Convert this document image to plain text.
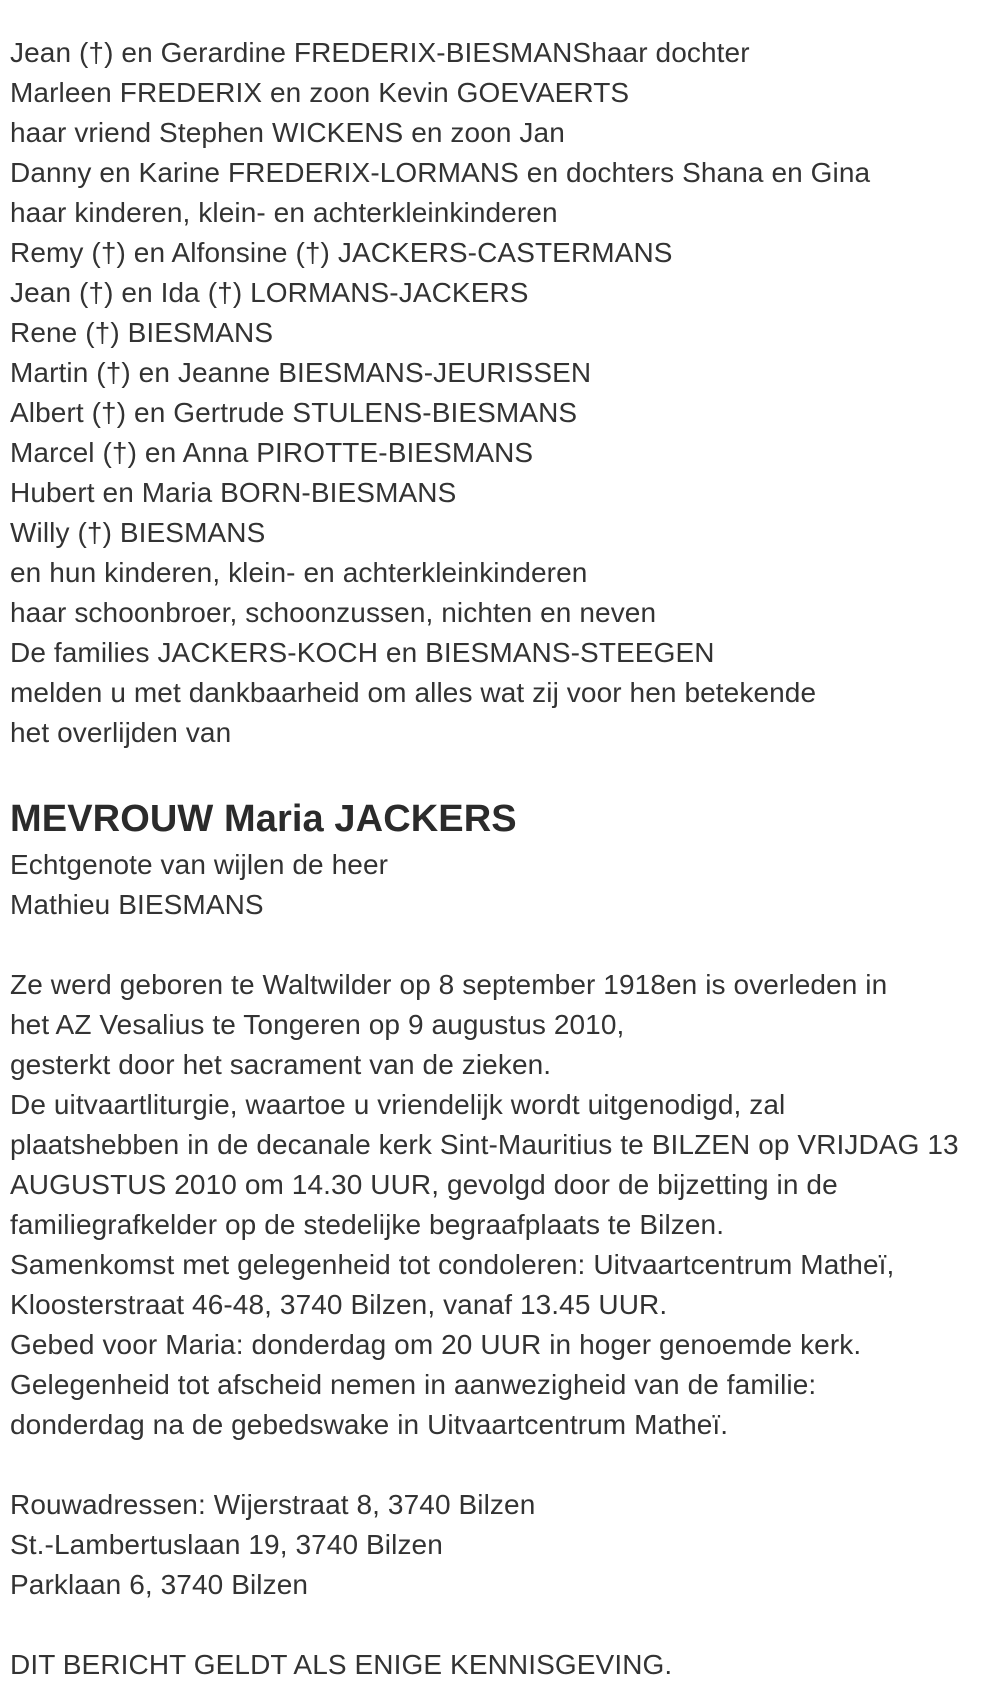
Jean (†) en Gerardine FREDERIX-BIESMANShaar dochter
Marleen FREDERIX en zoon Kevin GOEVAERTS
haar vriend Stephen WICKENS en zoon Jan
Danny en Karine FREDERIX-LORMANS en dochters Shana en Gina
haar kinderen, klein- en achterkleinkinderen
Remy (†) en Alfonsine (†) JACKERS-CASTERMANS
Jean (†) en Ida (†) LORMANS-JACKERS
Rene (†) BIESMANS
Martin (†) en Jeanne BIESMANS-JEURISSEN
Albert (†) en Gertrude STULENS-BIESMANS
Marcel (†) en Anna PIROTTE-BIESMANS
Hubert en Maria BORN-BIESMANS
Willy (†) BIESMANS
en hun kinderen, klein- en achterkleinkinderen
haar schoonbroer, schoonzussen, nichten en neven
De families JACKERS-KOCH en BIESMANS-STEEGEN
melden u met dankbaarheid om alles wat zij voor hen betekende
het overlijden van
MEVROUW Maria JACKERS
Echtgenote van wijlen de heer
Mathieu BIESMANS
Ze werd geboren te Waltwilder op 8 september 1918en is overleden in
het AZ Vesalius te Tongeren op 9 augustus 2010,
gesterkt door het sacrament van de zieken.
De uitvaartliturgie, waartoe u vriendelijk wordt uitgenodigd, zal
plaatshebben in de decanale kerk Sint-Mauritius te BILZEN op VRIJDAG 13
AUGUSTUS 2010 om 14.30 UUR, gevolgd door de bijzetting in de
familiegrafkelder op de stedelijke begraafplaats te Bilzen.
Samenkomst met gelegenheid tot condoleren: Uitvaartcentrum Matheï,
Kloosterstraat 46-48, 3740 Bilzen, vanaf 13.45 UUR.
Gebed voor Maria: donderdag om 20 UUR in hoger genoemde kerk.
Gelegenheid tot afscheid nemen in aanwezigheid van de familie:
donderdag na de gebedswake in Uitvaartcentrum Matheï.
Rouwadressen: Wijerstraat 8, 3740 Bilzen
St.-Lambertuslaan 19, 3740 Bilzen
Parklaan 6, 3740 Bilzen
DIT BERICHT GELDT ALS ENIGE KENNISGEVING.
